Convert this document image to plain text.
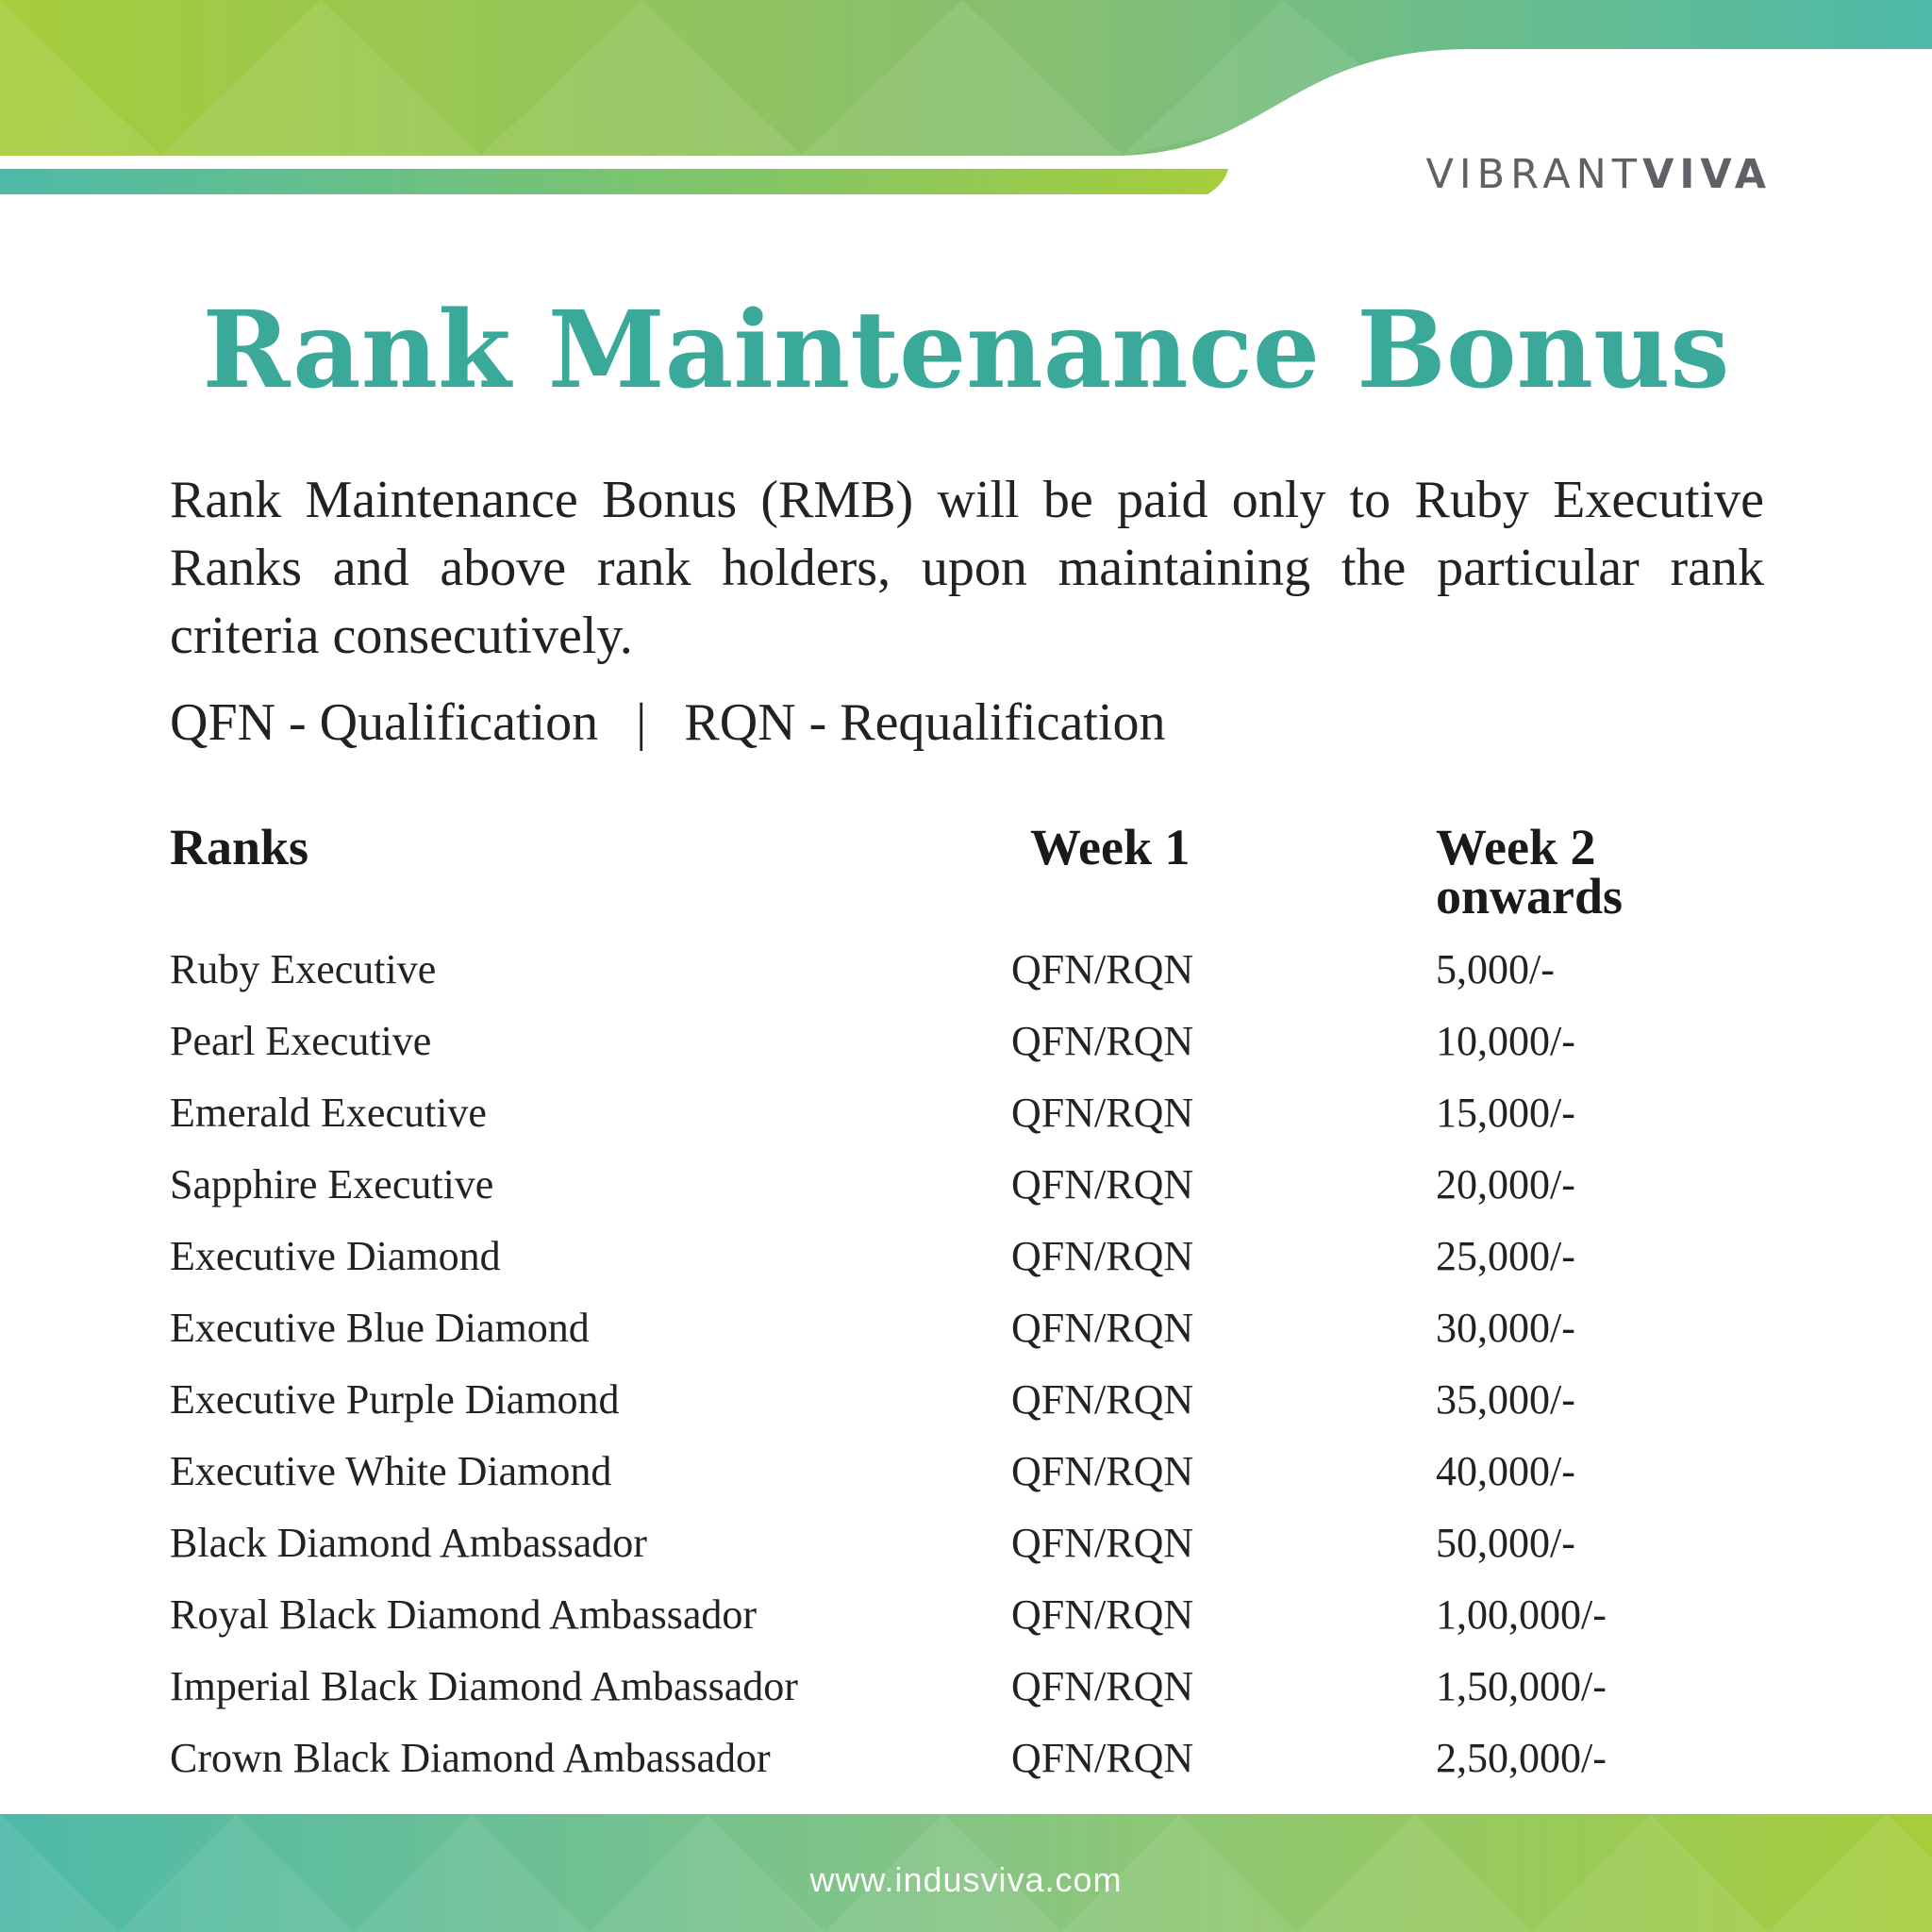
VIBRANTVIVA
Rank Maintenance Bonus

Rank Maintenance Bonus (RMB) will be paid only to Ruby Executive Ranks and above rank holders, upon maintaining the particular rank criteria consecutively.

QFN - Qualification | RQN - Requalification
Ranks	Week 1	Week 2
onwards
Ruby Executive	QFN/RQN	5,000/-
Pearl Executive	QFN/RQN	10,000/-
Emerald Executive	QFN/RQN	15,000/-
Sapphire Executive	QFN/RQN	20,000/-
Executive Diamond	QFN/RQN	25,000/-
Executive Blue Diamond	QFN/RQN	30,000/-
Executive Purple Diamond	QFN/RQN	35,000/-
Executive White Diamond	QFN/RQN	40,000/-
Black Diamond Ambassador	QFN/RQN	50,000/-
Royal Black Diamond Ambassador	QFN/RQN	1,00,000/-
Imperial Black Diamond Ambassador	QFN/RQN	1,50,000/-
Crown Black Diamond Ambassador	QFN/RQN	2,50,000/-
www.indusviva.com
